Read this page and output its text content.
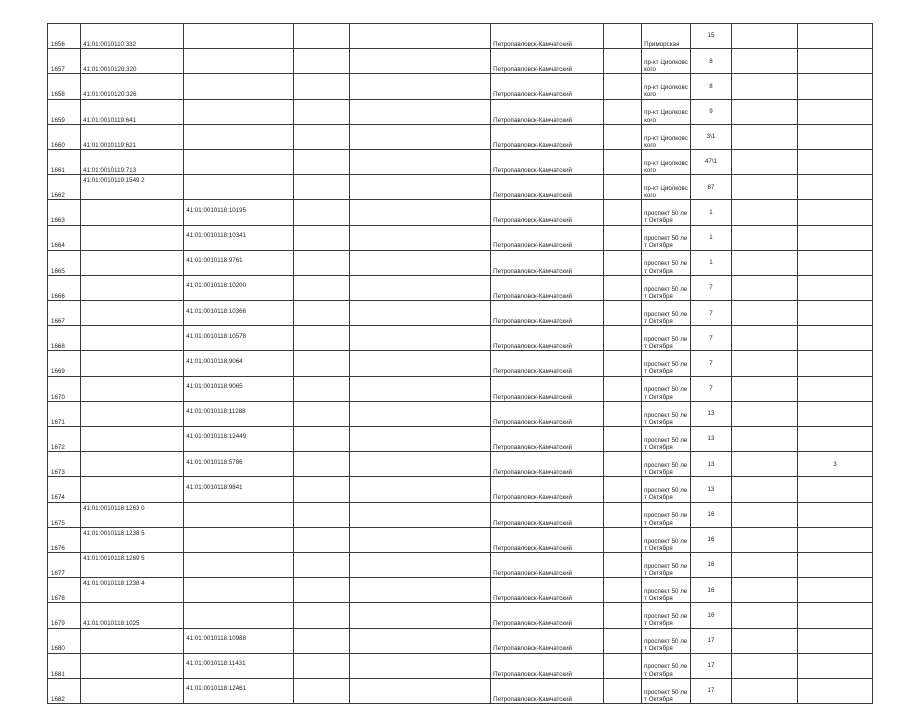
1656	41:01:0010110:332				Петропавловск-Камчатский		Приморская	15		
1657	41:01:0010120:320				Петропавловск-Камчатский		пр-кт Циолковского	8		
1658	41:01:0010120:326				Петропавловск-Камчатский		пр-кт Циолковского	8		
1659	41:01:0010119:641				Петропавловск-Камчатский		пр-кт Циолковского	9		
1660	41:01:0010119:621				Петропавловск-Камчатский		пр-кт Циолковского	3\1		
1661	41:01:0010119:713				Петропавловск-Камчатский		пр-кт Циолковского	47\1		
1662	41:01:0010119:1549 2				Петропавловск-Камчатский		пр-кт Циолковского	87		
1663		41:01:0010118:10195			Петропавловск-Камчатский		проспект 50 лет Октября	1		
1664		41:01:0010118:10341			Петропавловск-Камчатский		проспект 50 лет Октября	1		
1665		41:01:0010118:9761			Петропавловск-Камчатский		проспект 50 лет Октября	1		
1666		41:01:0010118:10200			Петропавловск-Камчатский		проспект 50 лет Октября	7		
1667		41:01:0010118:10366			Петропавловск-Камчатский		проспект 50 лет Октября	7		
1668		41:01:0010118:10578			Петропавловск-Камчатский		проспект 50 лет Октября	7		
1669		41:01:0010118:9064			Петропавловск-Камчатский		проспект 50 лет Октября	7		
1670		41:01:0010118:9065			Петропавловск-Камчатский		проспект 50 лет Октября	7		
1671		41:01:0010118:11288			Петропавловск-Камчатский		проспект 50 лет Октября	13		
1672		41:01:0010118:12449			Петропавловск-Камчатский		проспект 50 лет Октября	13		
1673		41:01:0010118:5786			Петропавловск-Камчатский		проспект 50 лет Октября	13		3
1674		41:01:0010118:9841			Петропавловск-Камчатский		проспект 50 лет Октября	13		
1675	41:01:0010118:1263 0				Петропавловск-Камчатский		проспект 50 лет Октября	16		
1676	41:01:0010118:1238 5				Петропавловск-Камчатский		проспект 50 лет Октября	16		
1677	41:01:0010118:1269 5				Петропавловск-Камчатский		проспект 50 лет Октября	16		
1678	41:01:0010118:1238 4				Петропавловск-Камчатский		проспект 50 лет Октября	16		
1679	41:01:0010118:1025				Петропавловск-Камчатский		проспект 50 лет Октября	16		
1680		41:01:0010118:10988			Петропавловск-Камчатский		проспект 50 лет Октября	17		
1681		41:01:0010118:11431			Петропавловск-Камчатский		проспект 50 лет Октября	17		
1682		41:01:0010118:12461			Петропавловск-Камчатский		проспект 50 лет Октября	17		
